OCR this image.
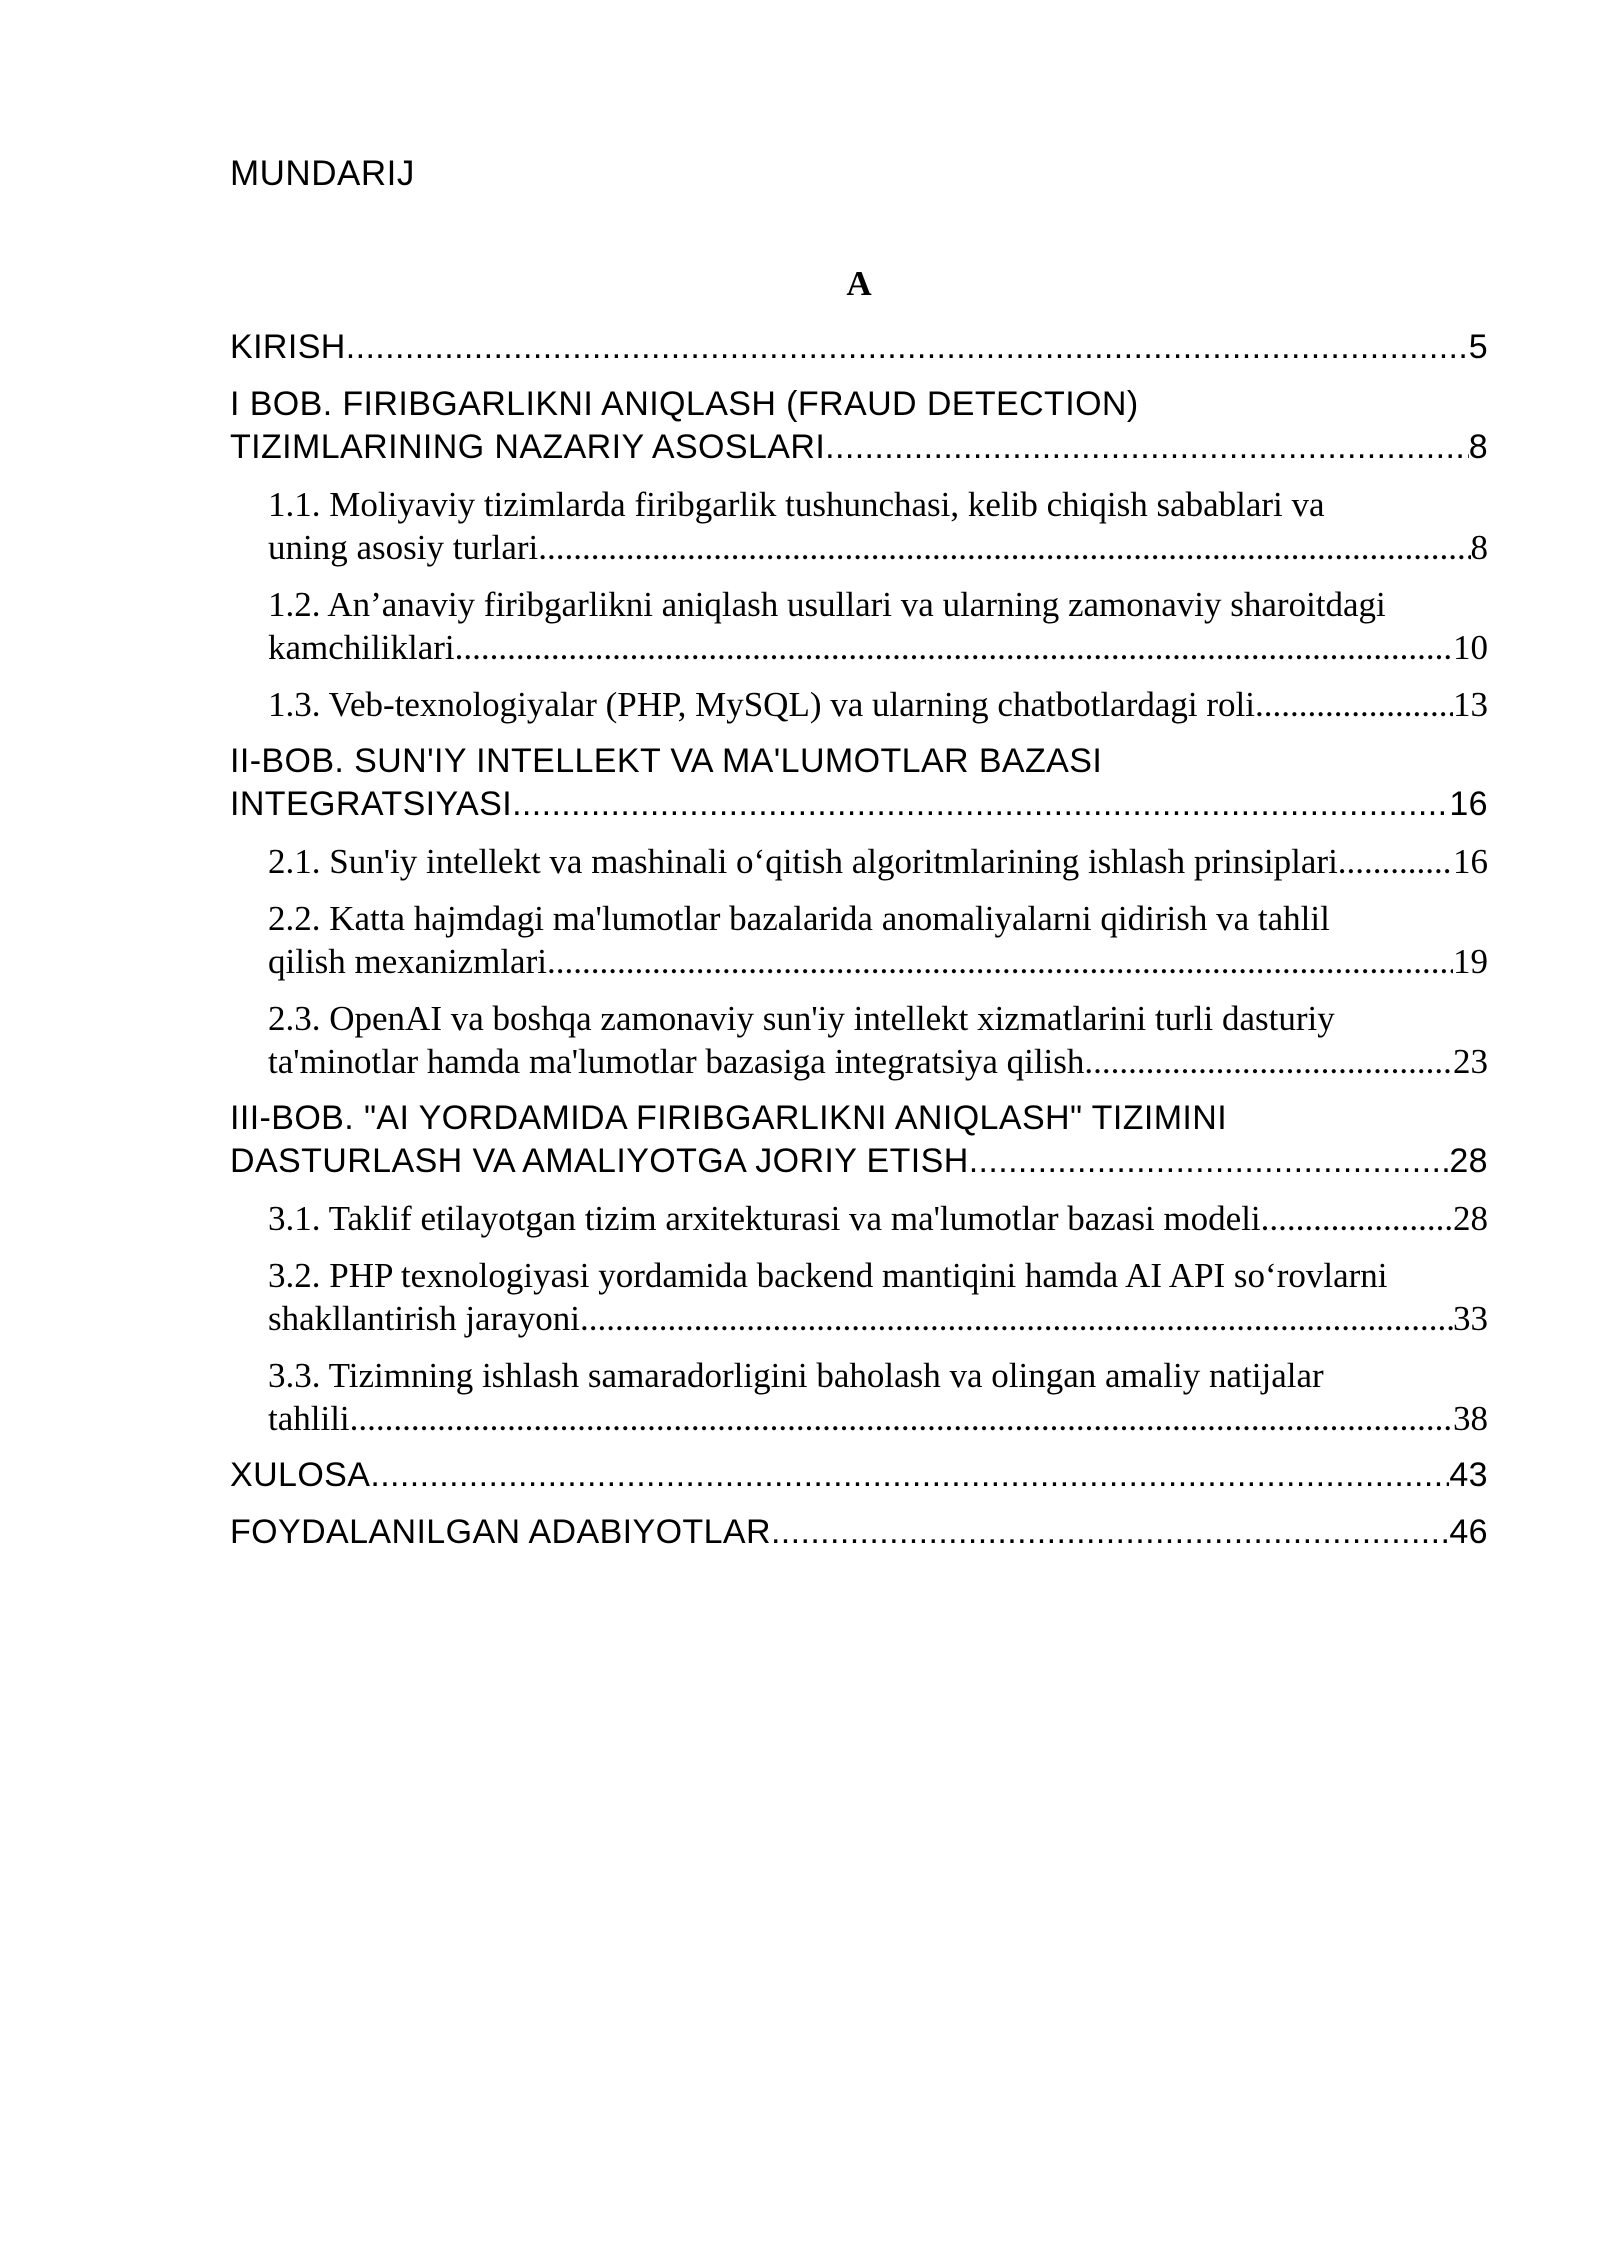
MUNDARIJ
A
KIRISH .....	5
I BOB. FIRIBGARLIKNI ANIQLASH (FRAUD DETECTION)
TIZIMLARINING NAZARIY ASOSLARI .....	8
1.1. Moliyaviy tizimlarda firibgarlik tushunchasi, kelib chiqish sabablari va
uning asosiy turlari .....	8
1.2. An’anaviy firibgarlikni aniqlash usullari va ularning zamonaviy sharoitdagi
kamchiliklari .....	10
1.3. Veb-texnologiyalar (PHP, MySQL) va ularning chatbotlardagi roli .....	13
II-BOB. SUN'IY INTELLEKT VA MA'LUMOTLAR BAZASI
INTEGRATSIYASI .....	16
2.1. Sun'iy intellekt va mashinali oʻqitish algoritmlarining ishlash prinsiplari .....	16
2.2. Katta hajmdagi ma'lumotlar bazalarida anomaliyalarni qidirish va tahlil
qilish mexanizmlari .....	19
2.3. OpenAI va boshqa zamonaviy sun'iy intellekt xizmatlarini turli dasturiy
ta'minotlar hamda ma'lumotlar bazasiga integratsiya qilish .....	23
III-BOB. "AI YORDAMIDA FIRIBGARLIKNI ANIQLASH" TIZIMINI
DASTURLASH VA AMALIYOTGA JORIY ETISH .....	28
3.1. Taklif etilayotgan tizim arxitekturasi va ma'lumotlar bazasi modeli .....	28
3.2. PHP texnologiyasi yordamida backend mantiqini hamda AI API soʻrovlarni
shakllantirish jarayoni .....	33
3.3. Tizimning ishlash samaradorligini baholash va olingan amaliy natijalar
tahlili .....	38
XULOSA .....	43
FOYDALANILGAN ADABIYOTLAR .....	46
